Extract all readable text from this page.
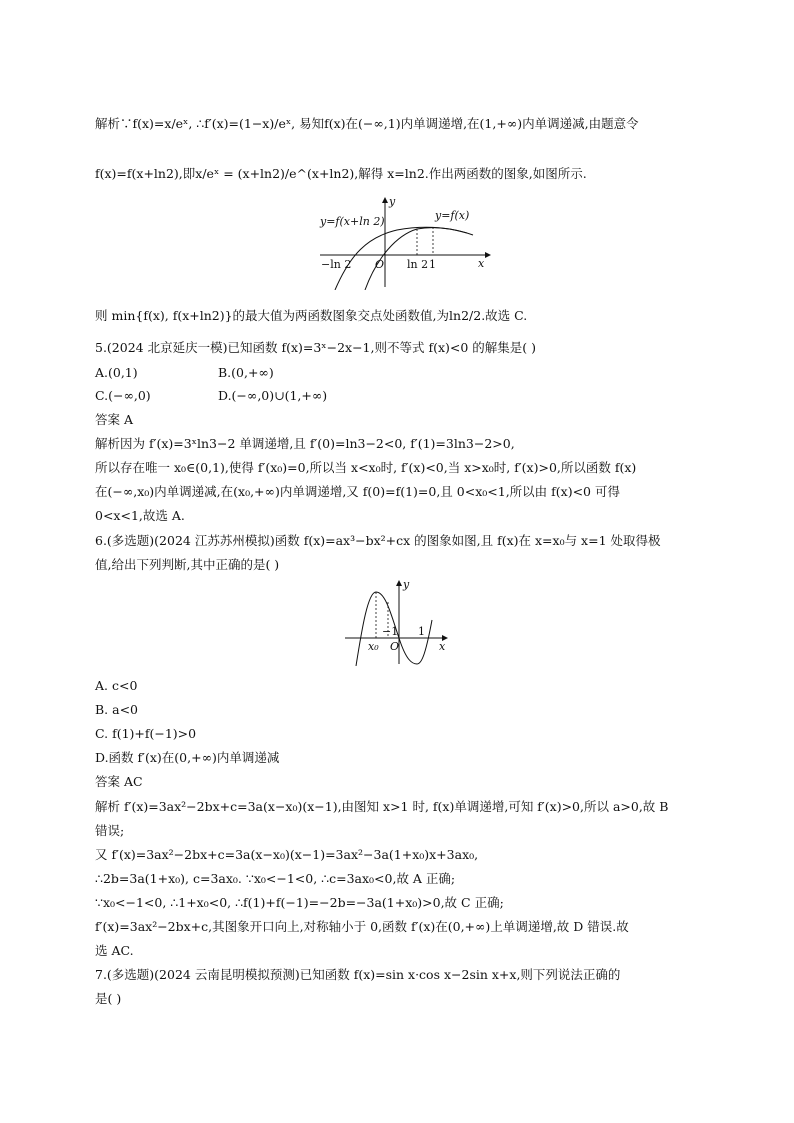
解析∵f(x)=x/eˣ, ∴f′(x)=(1−x)/eˣ, 易知f(x)在(−∞,1)内单调递增,在(1,+∞)内单调递减,由题意令
f(x)=f(x+ln2),即x/eˣ = (x+ln2)/e^(x+ln2),解得 x=ln2.作出两函数的图象,如图所示.
y
x
y=f(x+ln 2)	y=f(x)
−ln 2 O ln 2 1
则 min{f(x), f(x+ln2)}的最大值为两函数图象交点处函数值,为ln2/2.故选 C.
5.(2024 北京延庆一模)已知函数 f(x)=3ˣ−2x−1,则不等式 f(x)<0 的解集是( )
A.(0,1)	B.(0,+∞)
C.(−∞,0)	D.(−∞,0)∪(1,+∞)
答案 A
解析因为 f′(x)=3ˣln3−2 单调递增,且 f′(0)=ln3−2<0, f′(1)=3ln3−2>0,
所以存在唯一 x₀∈(0,1),使得 f′(x₀)=0,所以当 x<x₀时, f′(x)<0,当 x>x₀时, f′(x)>0,所以函数 f(x)
在(−∞,x₀)内单调递减,在(x₀,+∞)内单调递增,又 f(0)=f(1)=0,且 0<x₀<1,所以由 f(x)<0 可得
0<x<1,故选 A.
6.(多选题)(2024 江苏苏州模拟)函数 f(x)=ax³−bx²+cx 的图象如图,且 f(x)在 x=x₀与 x=1 处取得极
值,给出下列判断,其中正确的是( )
y
x
x₀
−1
O
1
A. c<0
B. a<0
C. f(1)+f(−1)>0
D.函数 f′(x)在(0,+∞)内单调递减
答案 AC
解析 f′(x)=3ax²−2bx+c=3a(x−x₀)(x−1),由图知 x>1 时, f(x)单调递增,可知 f′(x)>0,所以 a>0,故 B
错误;
又 f′(x)=3ax²−2bx+c=3a(x−x₀)(x−1)=3ax²−3a(1+x₀)x+3ax₀,
∴2b=3a(1+x₀), c=3ax₀. ∵x₀<−1<0, ∴c=3ax₀<0,故 A 正确;
∵x₀<−1<0, ∴1+x₀<0, ∴f(1)+f(−1)=−2b=−3a(1+x₀)>0,故 C 正确;
f′(x)=3ax²−2bx+c,其图象开口向上,对称轴小于 0,函数 f′(x)在(0,+∞)上单调递增,故 D 错误.故
选 AC.
7.(多选题)(2024 云南昆明模拟预测)已知函数 f(x)=sin x·cos x−2sin x+x,则下列说法正确的
是( )
